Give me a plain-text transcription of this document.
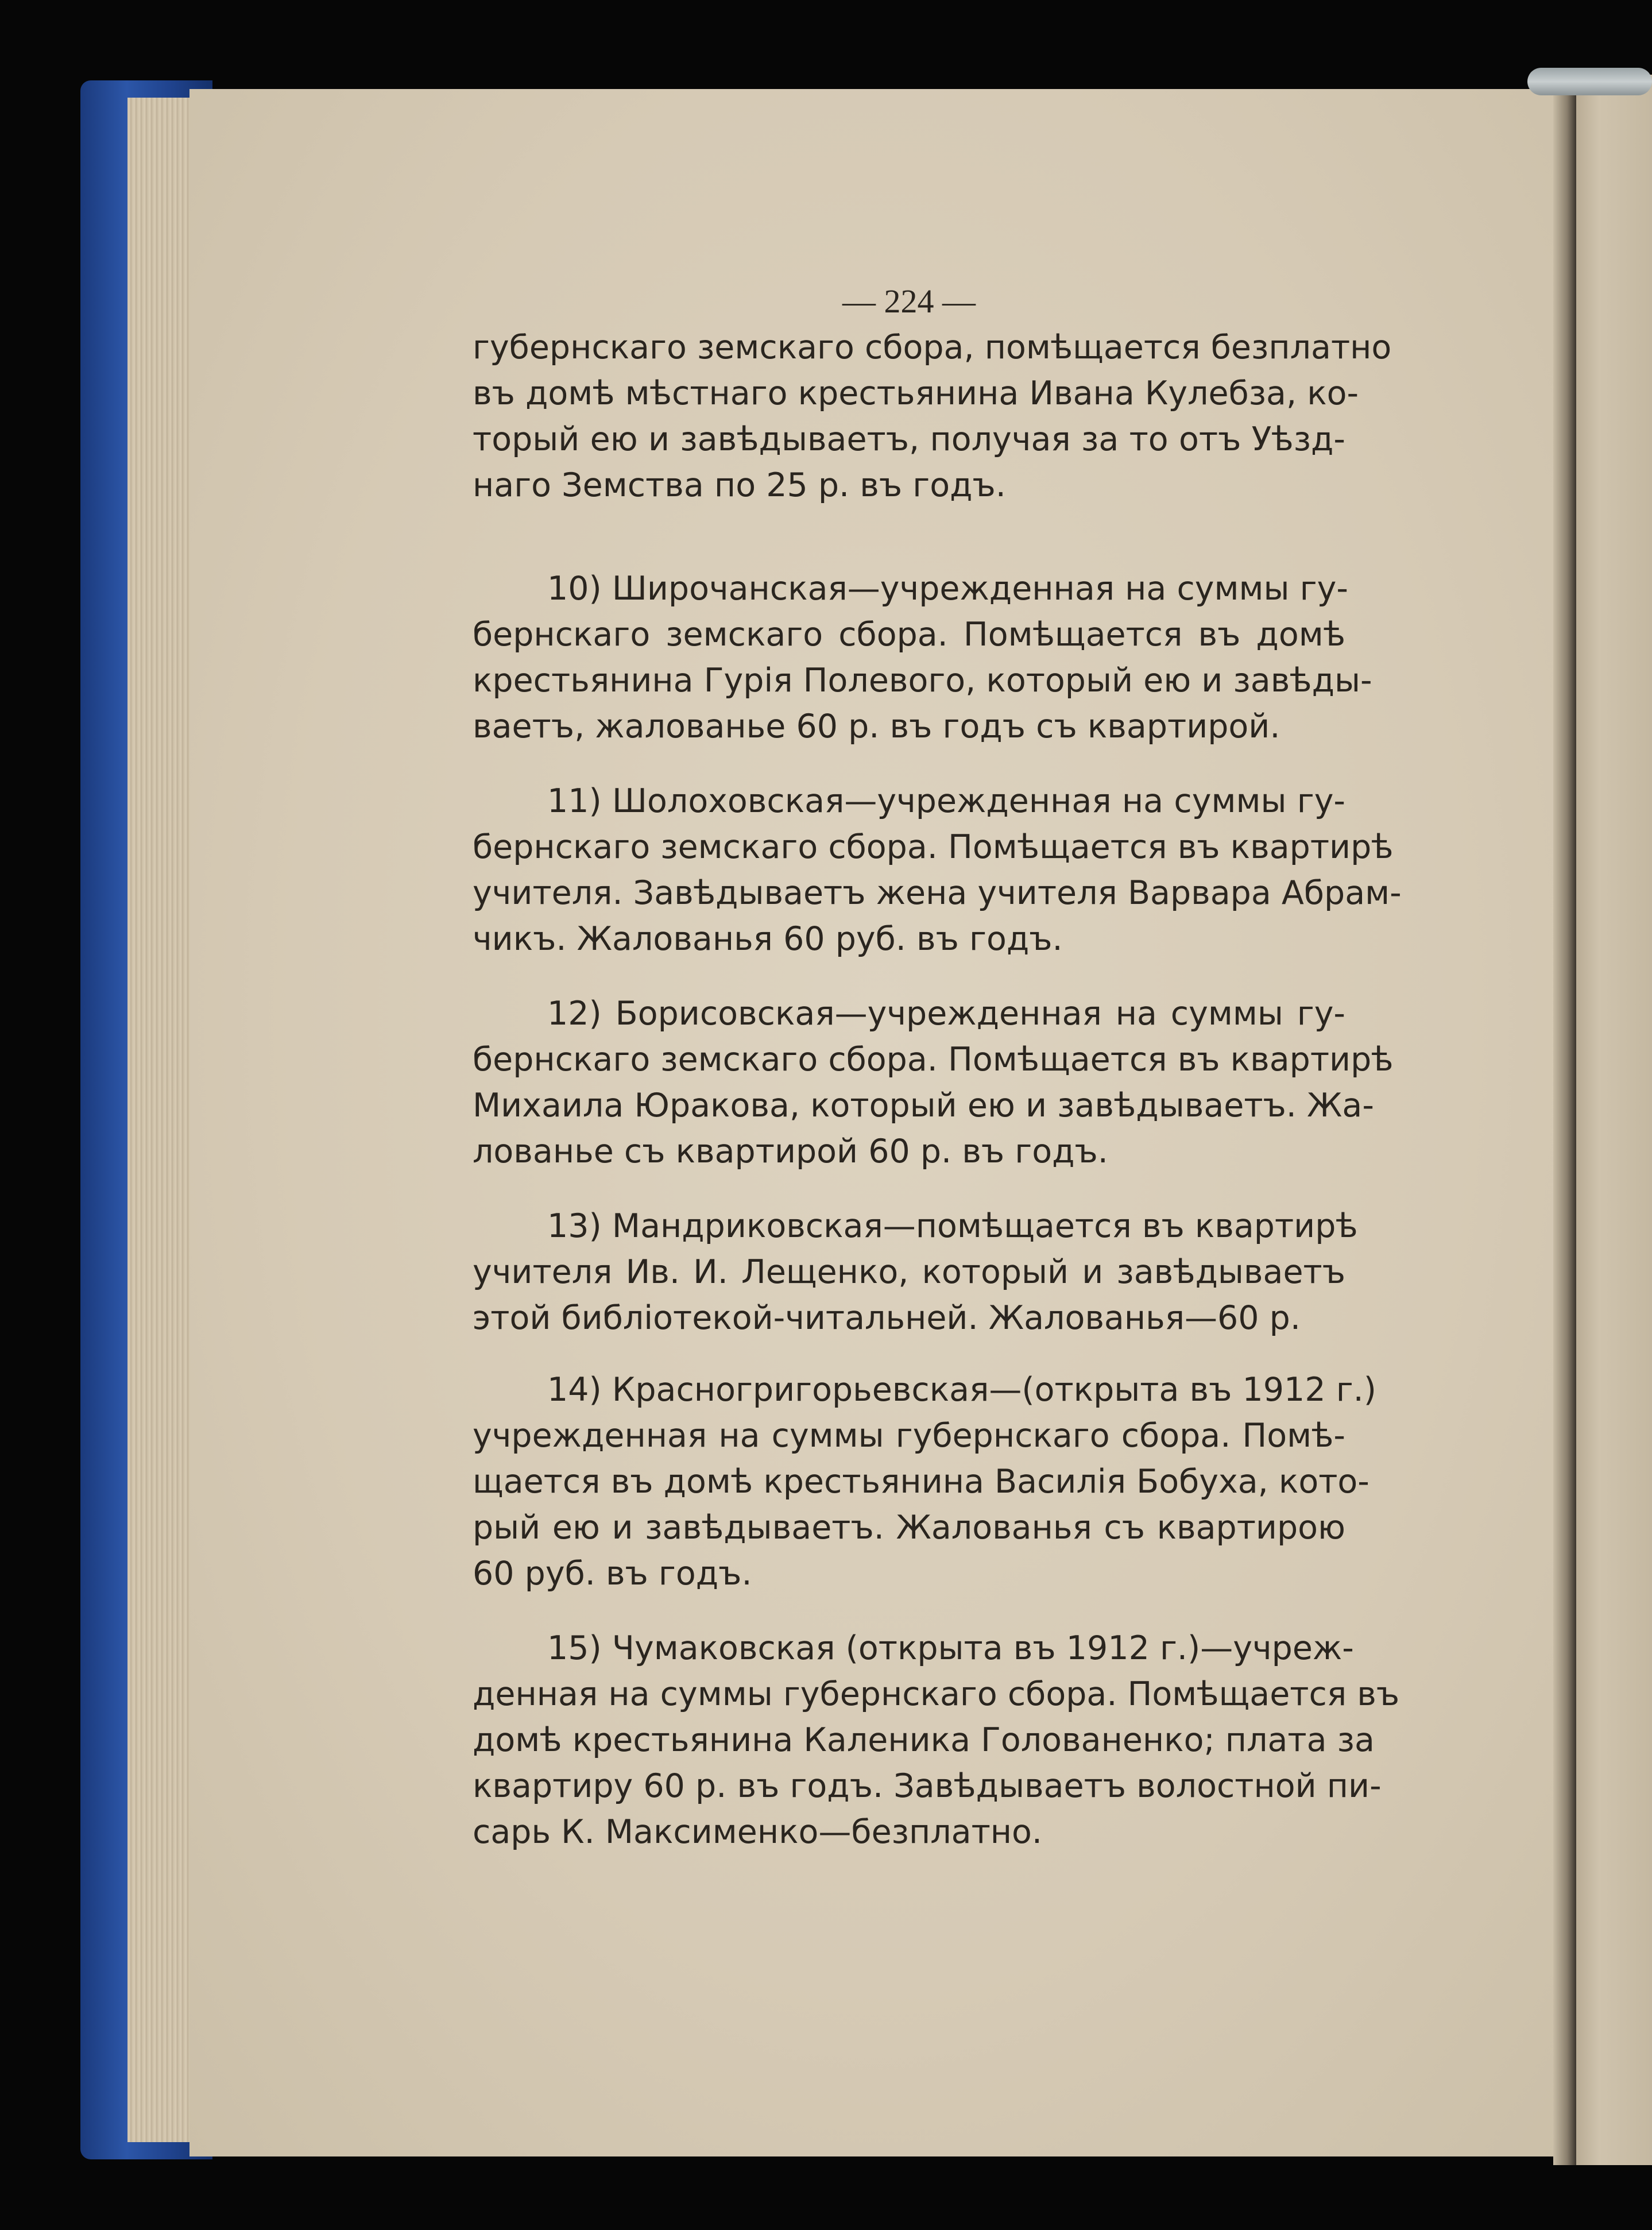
— 224 —
губернскаго земскаго сбора, помѣщается безплатно
въ домѣ мѣстнаго крестьянина Ивана Кулебза, ко-
торый ею и завѣдываетъ, получая за то отъ Уѣзд-
наго Земства по 25 р. въ годъ.
10) Широчанская—учрежденная на суммы гу-
бернскаго земскаго сбора. Помѣщается въ домѣ
крестьянина Гурія Полевого, который ею и завѣды-
ваетъ, жалованье 60 р. въ годъ съ квартирой.
11) Шолоховская—учрежденная на суммы гу-
бернскаго земскаго сбора. Помѣщается въ квартирѣ
учителя. Завѣдываетъ жена учителя Варвара Абрам-
чикъ. Жалованья 60 руб. въ годъ.
12) Борисовская—учрежденная на суммы гу-
бернскаго земскаго сбора. Помѣщается въ квартирѣ
Михаила Юракова, который ею и завѣдываетъ. Жа-
лованье съ квартирой 60 р. въ годъ.
13) Мандриковская—помѣщается въ квартирѣ
учителя Ив. И. Лещенко, который и завѣдываетъ
этой библіотекой-читальней. Жалованья—60 р.
14) Красногригорьевская—(открыта въ 1912 г.)
учрежденная на суммы губернскаго сбора. Помѣ-
щается въ домѣ крестьянина Василія Бобуха, кото-
рый ею и завѣдываетъ. Жалованья съ квартирою
60 руб. въ годъ.
15) Чумаковская (открыта въ 1912 г.)—учреж-
денная на суммы губернскаго сбора. Помѣщается въ
домѣ крестьянина Каленика Голованенко; плата за
квартиру 60 р. въ годъ. Завѣдываетъ волостной пи-
сарь К. Максименко—безплатно.
